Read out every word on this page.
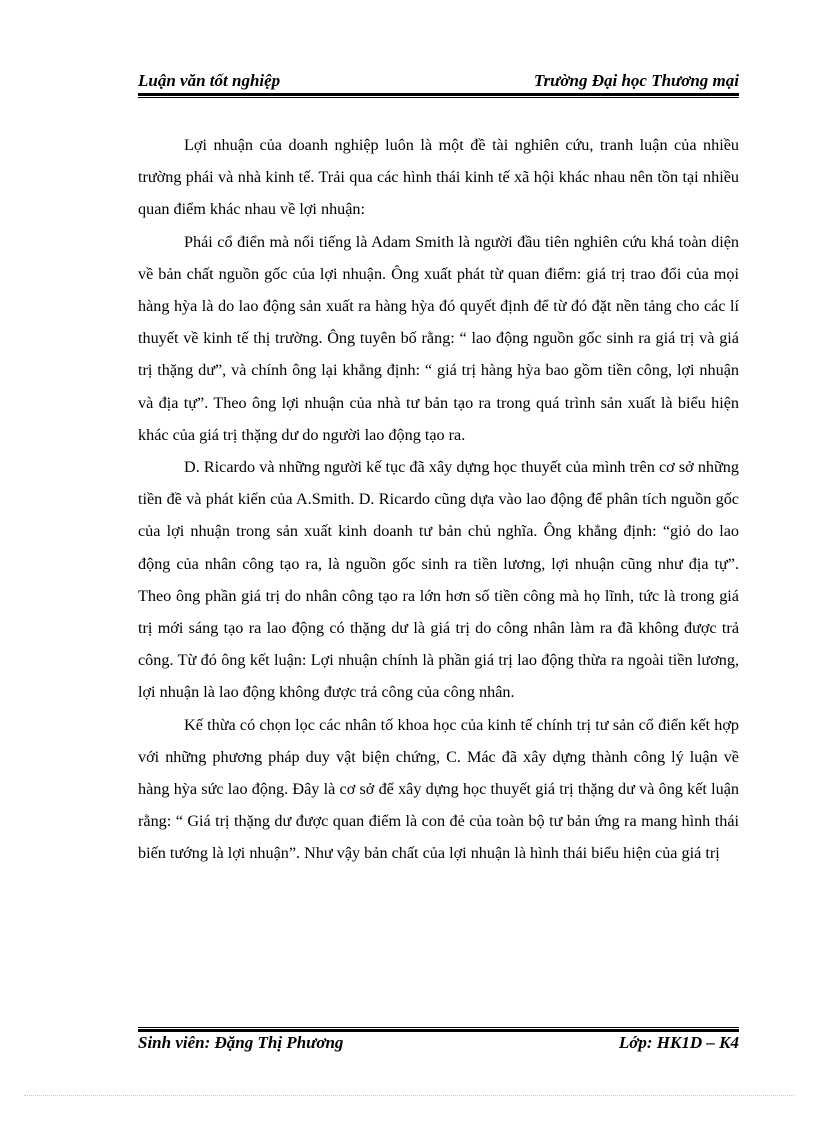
Luận văn tốt nghiệp	Trường Đại học Thương mại

Lợi nhuận của doanh nghiệp luôn là một đề tài nghiên cứu, tranh luận của nhiều trường phái và nhà kinh tế. Trải qua các hình thái kinh tế xã hội khác nhau nên tồn tại nhiều quan điểm khác nhau về lợi nhuận:

Phái cổ điển mà nổi tiếng là Adam Smith là người đầu tiên nghiên cứu khá toàn diện về bản chất nguồn gốc của lợi nhuận. Ông xuất phát từ quan điểm: giá trị trao đổi của mọi hàng hỳa là do lao động sản xuất ra hàng hỳa đó quyết định để từ đó đặt nền tảng cho các lí thuyết về kinh tế thị trường. Ông tuyên bố rằng: “ lao động nguồn gốc sinh ra giá trị và giá trị thặng dư”, và chính ông lại khẳng định: “ giá trị hàng hỳa bao gồm tiền công, lợi nhuận và địa tự”. Theo ông lợi nhuận của nhà tư bản tạo ra trong quá trình sản xuất là biểu hiện khác của giá trị thặng dư do người lao động tạo ra.

D. Ricardo và những người kế tục đã xây dựng học thuyết của mình trên cơ sở những tiền đề và phát kiến của A.Smith. D. Ricardo cũng dựa vào lao động để phân tích nguồn gốc của lợi nhuận trong sản xuất kinh doanh tư bản chủ nghĩa. Ông khẳng định: “giỏ do lao động của nhân công tạo ra, là nguồn gốc sinh ra tiền lương, lợi nhuận cũng như địa tự”. Theo ông phần giá trị do nhân công tạo ra lớn hơn số tiền công mà họ lĩnh, tức là trong giá trị mới sáng tạo ra lao động có thặng dư là giá trị do công nhân làm ra đã không được trả công. Từ đó ông kết luận: Lợi nhuận chính là phần giá trị lao động thừa ra ngoài tiền lương, lợi nhuận là lao động không được trả công của công nhân.

Kế thừa có chọn lọc các nhân tố khoa học của kinh tế chính trị tư sản cổ điển kết hợp với những phương pháp duy vật biện chứng, C. Mác đã xây dựng thành công lý luận về hàng hỳa sức lao động. Đây là cơ sở để xây dựng học thuyết giá trị thặng dư và ông kết luận rằng: “ Giá trị thặng dư được quan điểm là con đẻ của toàn bộ tư bản ứng ra mang hình thái biến tướng là lợi nhuận”. Như vậy bản chất của lợi nhuận là hình thái biểu hiện của giá trị

Sinh viên: Đặng Thị Phương	Lớp: HK1D – K4
